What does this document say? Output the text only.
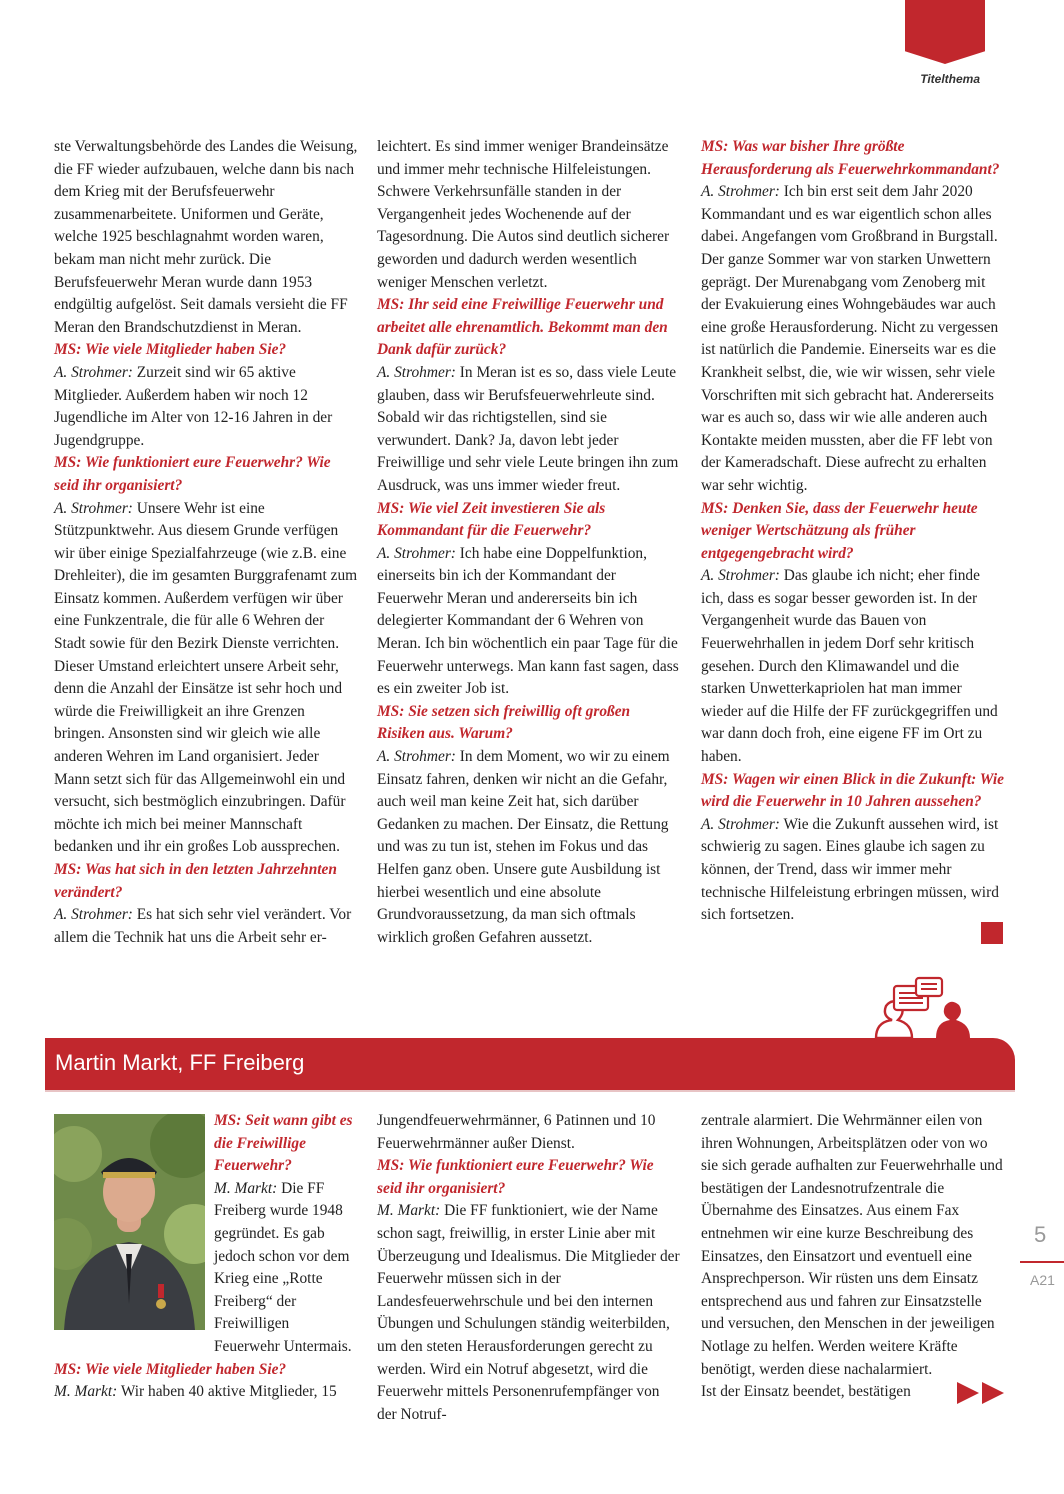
Titelthema

ste Verwaltungsbehörde des Landes die Weisung, die FF wieder aufzubauen, welche dann bis nach dem Krieg mit der Berufsfeuerwehr zusammenarbeitete. Uniformen und Geräte, welche 1925 beschlagnahmt worden waren, bekam man nicht mehr zurück. Die Berufsfeuerwehr Meran wurde dann 1953 endgültig aufgelöst. Seit damals versieht die FF Meran den Brandschutzdienst in Meran.

MS: Wie viele Mitglieder haben Sie?

A. Strohmer: Zurzeit sind wir 65 aktive Mitglieder. Außerdem haben wir noch 12 Jugendliche im Alter von 12-16 Jahren in der Jugendgruppe.

MS: Wie funktioniert eure Feuerwehr? Wie seid ihr organisiert?

A. Strohmer: Unsere Wehr ist eine Stützpunktwehr. Aus diesem Grunde verfügen wir über einige Spezialfahrzeuge (wie z.B. eine Drehleiter), die im gesamten Burggrafenamt zum Einsatz kommen. Außerdem verfügen wir über eine Funkzentrale, die für alle 6 Wehren der Stadt sowie für den Bezirk Dienste verrichten. Dieser Umstand erleichtert unsere Arbeit sehr, denn die Anzahl der Einsätze ist sehr hoch und würde die Freiwilligkeit an ihre Grenzen bringen. Ansonsten sind wir gleich wie alle anderen Wehren im Land organisiert. Jeder Mann setzt sich für das Allgemeinwohl ein und versucht, sich bestmöglich einzubringen. Dafür möchte ich mich bei meiner Mannschaft bedanken und ihr ein großes Lob aussprechen.

MS: Was hat sich in den letzten Jahrzehnten verändert?

A. Strohmer: Es hat sich sehr viel verändert. Vor allem die Technik hat uns die Arbeit sehr er-

leichtert. Es sind immer weniger Brandeinsätze und immer mehr technische Hilfeleistungen. Schwere Verkehrsunfälle standen in der Vergangenheit jedes Wochenende auf der Tagesordnung. Die Autos sind deutlich sicherer geworden und dadurch werden wesentlich weniger Menschen verletzt.

MS: Ihr seid eine Freiwillige Feuerwehr und arbeitet alle ehrenamtlich. Bekommt man den Dank dafür zurück?

A. Strohmer: In Meran ist es so, dass viele Leute glauben, dass wir Berufsfeuerwehrleute sind. Sobald wir das richtigstellen, sind sie verwundert. Dank? Ja, davon lebt jeder Freiwillige und sehr viele Leute bringen ihn zum Ausdruck, was uns immer wieder freut.

MS: Wie viel Zeit investieren Sie als Kommandant für die Feuerwehr?

A. Strohmer: Ich habe eine Doppelfunktion, einerseits bin ich der Kommandant der Feuerwehr Meran und andererseits bin ich delegierter Kommandant der 6 Wehren von Meran. Ich bin wöchentlich ein paar Tage für die Feuerwehr unterwegs. Man kann fast sagen, dass es ein zweiter Job ist.

MS: Sie setzen sich freiwillig oft großen Risiken aus. Warum?

A. Strohmer: In dem Moment, wo wir zu einem Einsatz fahren, denken wir nicht an die Gefahr, auch weil man keine Zeit hat, sich darüber Gedanken zu machen. Der Einsatz, die Rettung und was zu tun ist, stehen im Fokus und das Helfen ganz oben. Unsere gute Ausbildung ist hierbei wesentlich und eine absolute Grundvoraussetzung, da man sich oftmals wirklich großen Gefahren aussetzt.

MS: Was war bisher Ihre größte Herausforderung als Feuerwehrkommandant?

A. Strohmer: Ich bin erst seit dem Jahr 2020 Kommandant und es war eigentlich schon alles dabei. Angefangen vom Großbrand in Burgstall. Der ganze Sommer war von starken Unwettern geprägt. Der Murenabgang vom Zenoberg mit der Evakuierung eines Wohngebäudes war auch eine große Herausforderung. Nicht zu vergessen ist natürlich die Pandemie. Einerseits war es die Krankheit selbst, die, wie wir wissen, sehr viele Vorschriften mit sich gebracht hat. Andererseits war es auch so, dass wir wie alle anderen auch Kontakte meiden mussten, aber die FF lebt von der Kameradschaft. Diese aufrecht zu erhalten war sehr wichtig.

MS: Denken Sie, dass der Feuerwehr heute weniger Wertschätzung als früher entgegengebracht wird?

A. Strohmer: Das glaube ich nicht; eher finde ich, dass es sogar besser geworden ist. In der Vergangenheit wurde das Bauen von Feuerwehrhallen in jedem Dorf sehr kritisch gesehen. Durch den Klimawandel und die starken Unwetterkapriolen hat man immer wieder auf die Hilfe der FF zurückgegriffen und war dann doch froh, eine eigene FF im Ort zu haben.

MS: Wagen wir einen Blick in die Zukunft: Wie wird die Feuerwehr in 10 Jahren aussehen?

A. Strohmer: Wie die Zukunft aussehen wird, ist schwierig zu sagen. Eines glaube ich sagen zu können, der Trend, dass wir immer mehr technische Hilfeleistung erbringen müssen, wird sich fortsetzen.

Martin Markt, FF Freiberg

MS: Seit wann gibt es die Freiwillige Feuerwehr?

M. Markt: Die FF Freiberg wurde 1948 gegründet. Es gab jedoch schon vor dem Krieg eine „Rotte Freiberg“ der Freiwilligen Feuerwehr Untermais.

MS: Wie viele Mitglieder haben Sie?

M. Markt: Wir haben 40 aktive Mitglieder, 15

Jungendfeuerwehrmänner, 6 Patinnen und 10 Feuerwehrmänner außer Dienst.

MS: Wie funktioniert eure Feuerwehr? Wie seid ihr organisiert?

M. Markt: Die FF funktioniert, wie der Name schon sagt, freiwillig, in erster Linie aber mit Überzeugung und Idealismus. Die Mitglieder der Feuerwehr müssen sich in der Landesfeuerwehrschule und bei den internen Übungen und Schulungen ständig weiterbilden, um den steten Herausforderungen gerecht zu werden. Wird ein Notruf abgesetzt, wird die Feuerwehr mittels Personenrufempfänger von der Notruf-

zentrale alarmiert. Die Wehrmänner eilen von ihren Wohnungen, Arbeitsplätzen oder von wo sie sich gerade aufhalten zur Feuerwehrhalle und bestätigen der Landesnotrufzentrale die Übernahme des Einsatzes. Aus einem Fax entnehmen wir eine kurze Beschreibung des Einsatzes, den Einsatzort und eventuell eine Ansprechperson. Wir rüsten uns dem Einsatz entsprechend aus und fahren zur Einsatzstelle und versuchen, den Menschen in der jeweiligen Notlage zu helfen. Werden weitere Kräfte benötigt, werden diese nachalarmiert.

Ist der Einsatz beendet, bestätigen

5
A21
